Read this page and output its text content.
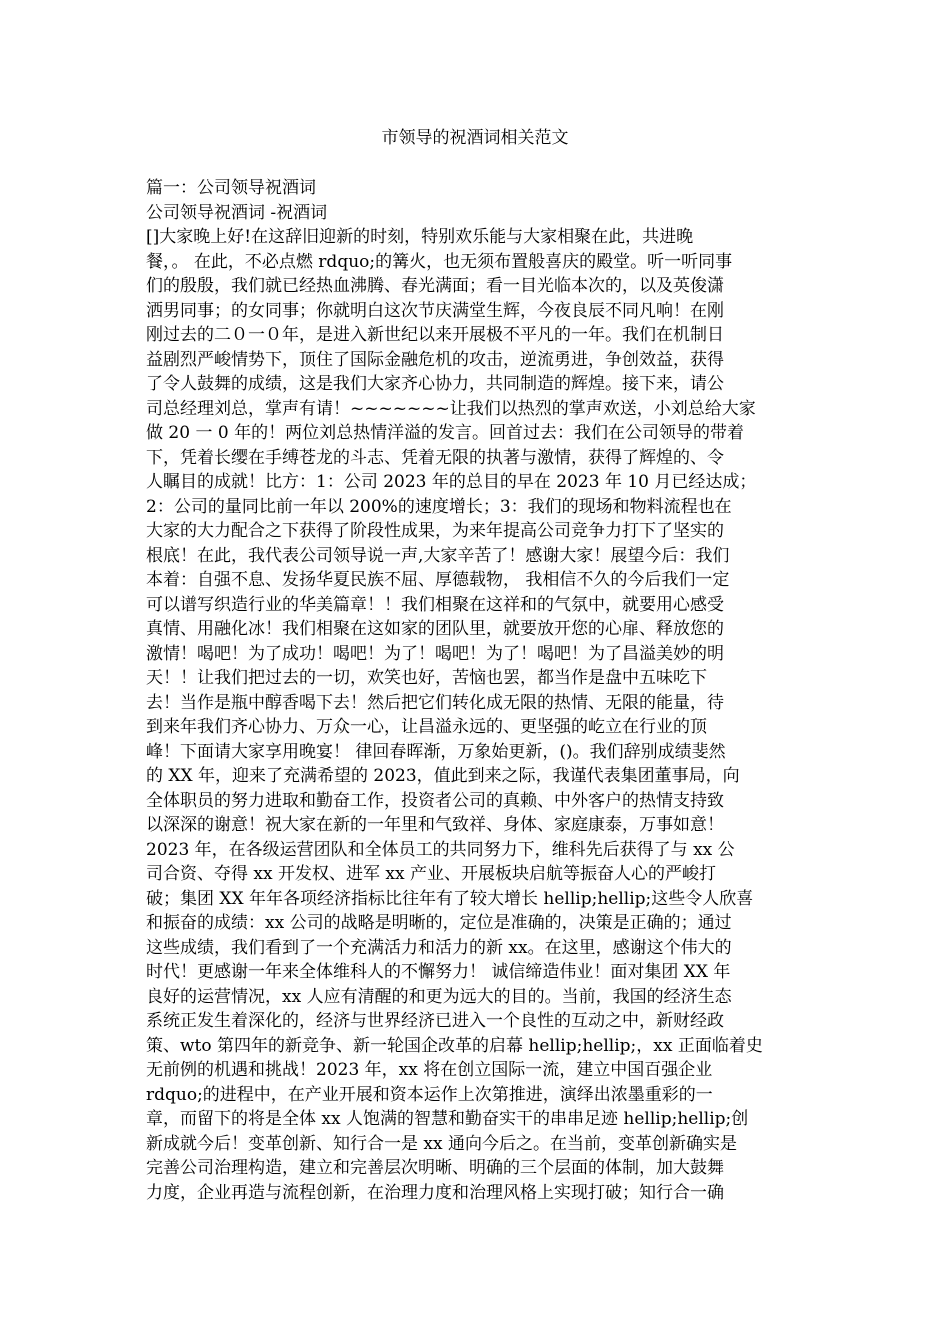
市领导的祝酒词相关范文
篇一：公司领导祝酒词
公司领导祝酒词 -祝酒词
[]大家晚上好!在这辞旧迎新的时刻，特别欢乐能与大家相聚在此，共进晚
餐，。 在此，不必点燃 rdquo;的篝火，也无须布置般喜庆的殿堂。听一听同事
们的殷殷，我们就已经热血沸腾、春光满面；看一目光临本次的，以及英俊潇
洒男同事；的女同事；你就明白这次节庆满堂生辉，今夜良辰不同凡响！在刚
刚过去的二０一０年，是进入新世纪以来开展极不平凡的一年。我们在机制日
益剧烈严峻情势下，顶住了国际金融危机的攻击，逆流勇进，争创效益，获得
了令人鼓舞的成绩，这是我们大家齐心协力，共同制造的辉煌。接下来，请公
司总经理刘总，掌声有请！~~~~~~~让我们以热烈的掌声欢送，小刘总给大家
做 20 一 0 年的！两位刘总热情洋溢的发言。回首过去：我们在公司领导的带着
下，凭着长缨在手缚苍龙的斗志、凭着无限的执著与激情，获得了辉煌的、令
人瞩目的成就！比方：1：公司 2023 年的总目的早在 2023 年 10 月已经达成；
2：公司的量同比前一年以 200%的速度增长；3：我们的现场和物料流程也在
大家的大力配合之下获得了阶段性成果，为来年提高公司竞争力打下了坚实的
根底！在此，我代表公司领导说一声,大家辛苦了！感谢大家！展望今后：我们
本着：自强不息、发扬华夏民族不屈、厚德载物， 我相信不久的今后我们一定
可以谱写织造行业的华美篇章！！我们相聚在这祥和的气氛中，就要用心感受
真情、用融化冰！我们相聚在这如家的团队里，就要放开您的心扉、释放您的
激情！喝吧！为了成功！喝吧！为了！喝吧！为了！喝吧！为了昌溢美妙的明
天！！让我们把过去的一切，欢笑也好，苦恼也罢，都当作是盘中五味吃下
去！当作是瓶中醇香喝下去！然后把它们转化成无限的热情、无限的能量，待
到来年我们齐心协力、万众一心，让昌溢永远的、更坚强的屹立在行业的顶
峰！下面请大家享用晚宴！ 律回春晖渐，万象始更新，()。我们辞别成绩斐然
的 XX 年，迎来了充满希望的 2023，值此到来之际，我谨代表集团董事局，向
全体职员的努力进取和勤奋工作，投资者公司的真赖、中外客户的热情支持致
以深深的谢意！祝大家在新的一年里和气致祥、身体、家庭康泰，万事如意！
2023 年，在各级运营团队和全体员工的共同努力下，维科先后获得了与 xx 公
司合资、夺得 xx 开发权、进军 xx 产业、开展板块启航等振奋人心的严峻打
破；集团 XX 年年各项经济指标比往年有了较大增长 hellip;hellip;这些令人欣喜
和振奋的成绩：xx 公司的战略是明晰的，定位是准确的，决策是正确的；通过
这些成绩，我们看到了一个充满活力和活力的新 xx。在这里，感谢这个伟大的
时代！更感谢一年来全体维科人的不懈努力！ 诚信缔造伟业！面对集团 XX 年
良好的运营情况，xx 人应有清醒的和更为远大的目的。当前，我国的经济生态
系统正发生着深化的，经济与世界经济已进入一个良性的互动之中，新财经政
策、wto 第四年的新竞争、新一轮国企改革的启幕 hellip;hellip;，xx 正面临着史
无前例的机遇和挑战！2023 年，xx 将在创立国际一流，建立中国百强企业
rdquo;的进程中，在产业开展和资本运作上次第推进，演绎出浓墨重彩的一
章，而留下的将是全体 xx 人饱满的智慧和勤奋实干的串串足迹 hellip;hellip;创
新成就今后！变革创新、知行合一是 xx 通向今后之。在当前，变革创新确实是
完善公司治理构造，建立和完善层次明晰、明确的三个层面的体制，加大鼓舞
力度，企业再造与流程创新，在治理力度和治理风格上实现打破；知行合一确
